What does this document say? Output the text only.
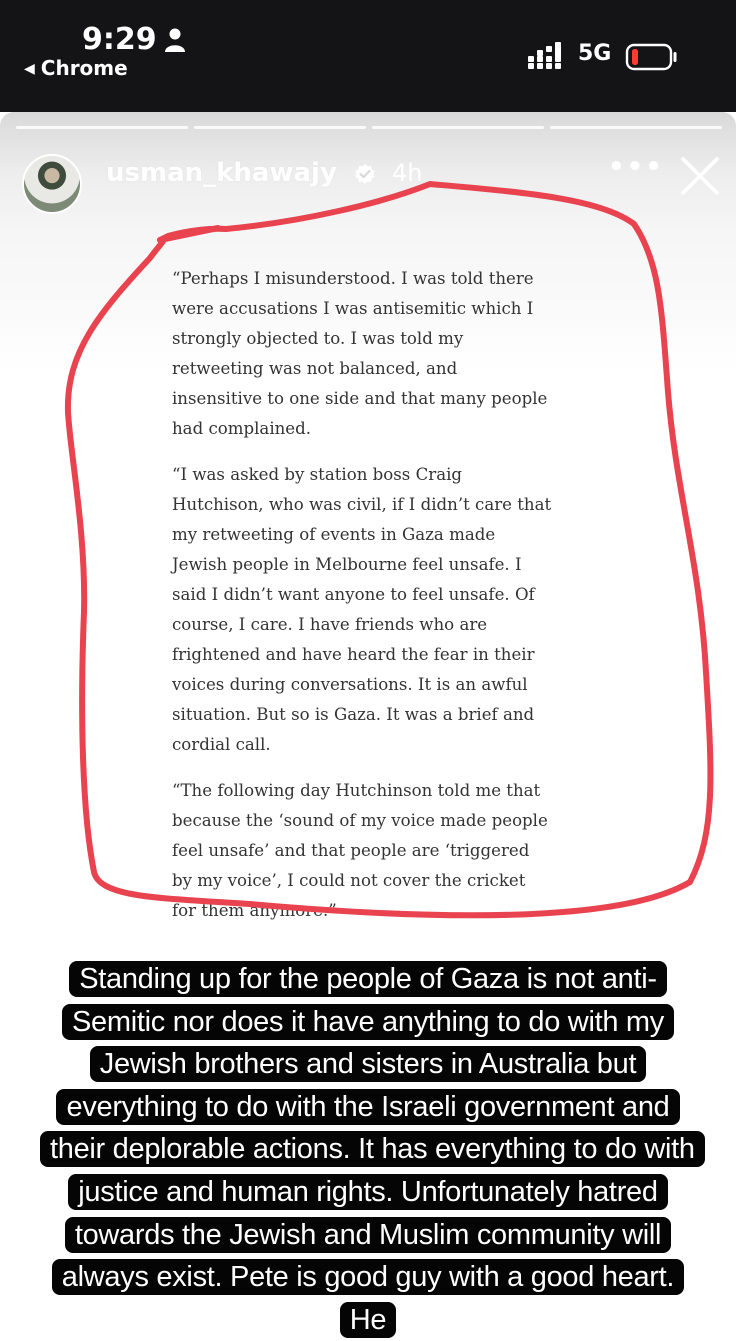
9:29
◀ Chrome
5G
usman_khawajy 4h	•••

“Perhaps I misunderstood. I was told there were accusations I was antisemitic which I strongly objected to. I was told my retweeting was not balanced, and insensitive to one side and that many people had complained.

“I was asked by station boss Craig Hutchison, who was civil, if I didn’t care that my retweeting of events in Gaza made Jewish people in Melbourne feel unsafe. I said I didn’t want anyone to feel unsafe. Of course, I care. I have friends who are frightened and have heard the fear in their voices during conversations. It is an awful situation. But so is Gaza. It was a brief and cordial call.

“The following day Hutchinson told me that because the ‘sound of my voice made people feel unsafe’ and that people are ‘triggered by my voice’, I could not cover the cricket for them anymore.”

Standing up for the people of Gaza is not anti-Semitic nor does it have anything to do with my Jewish brothers and sisters in Australia but everything to do with the Israeli government and their deplorable actions. It has everything to do with justice and human rights. Unfortunately hatred towards the Jewish and Muslim community will always exist. Pete is good guy with a good heart. He
